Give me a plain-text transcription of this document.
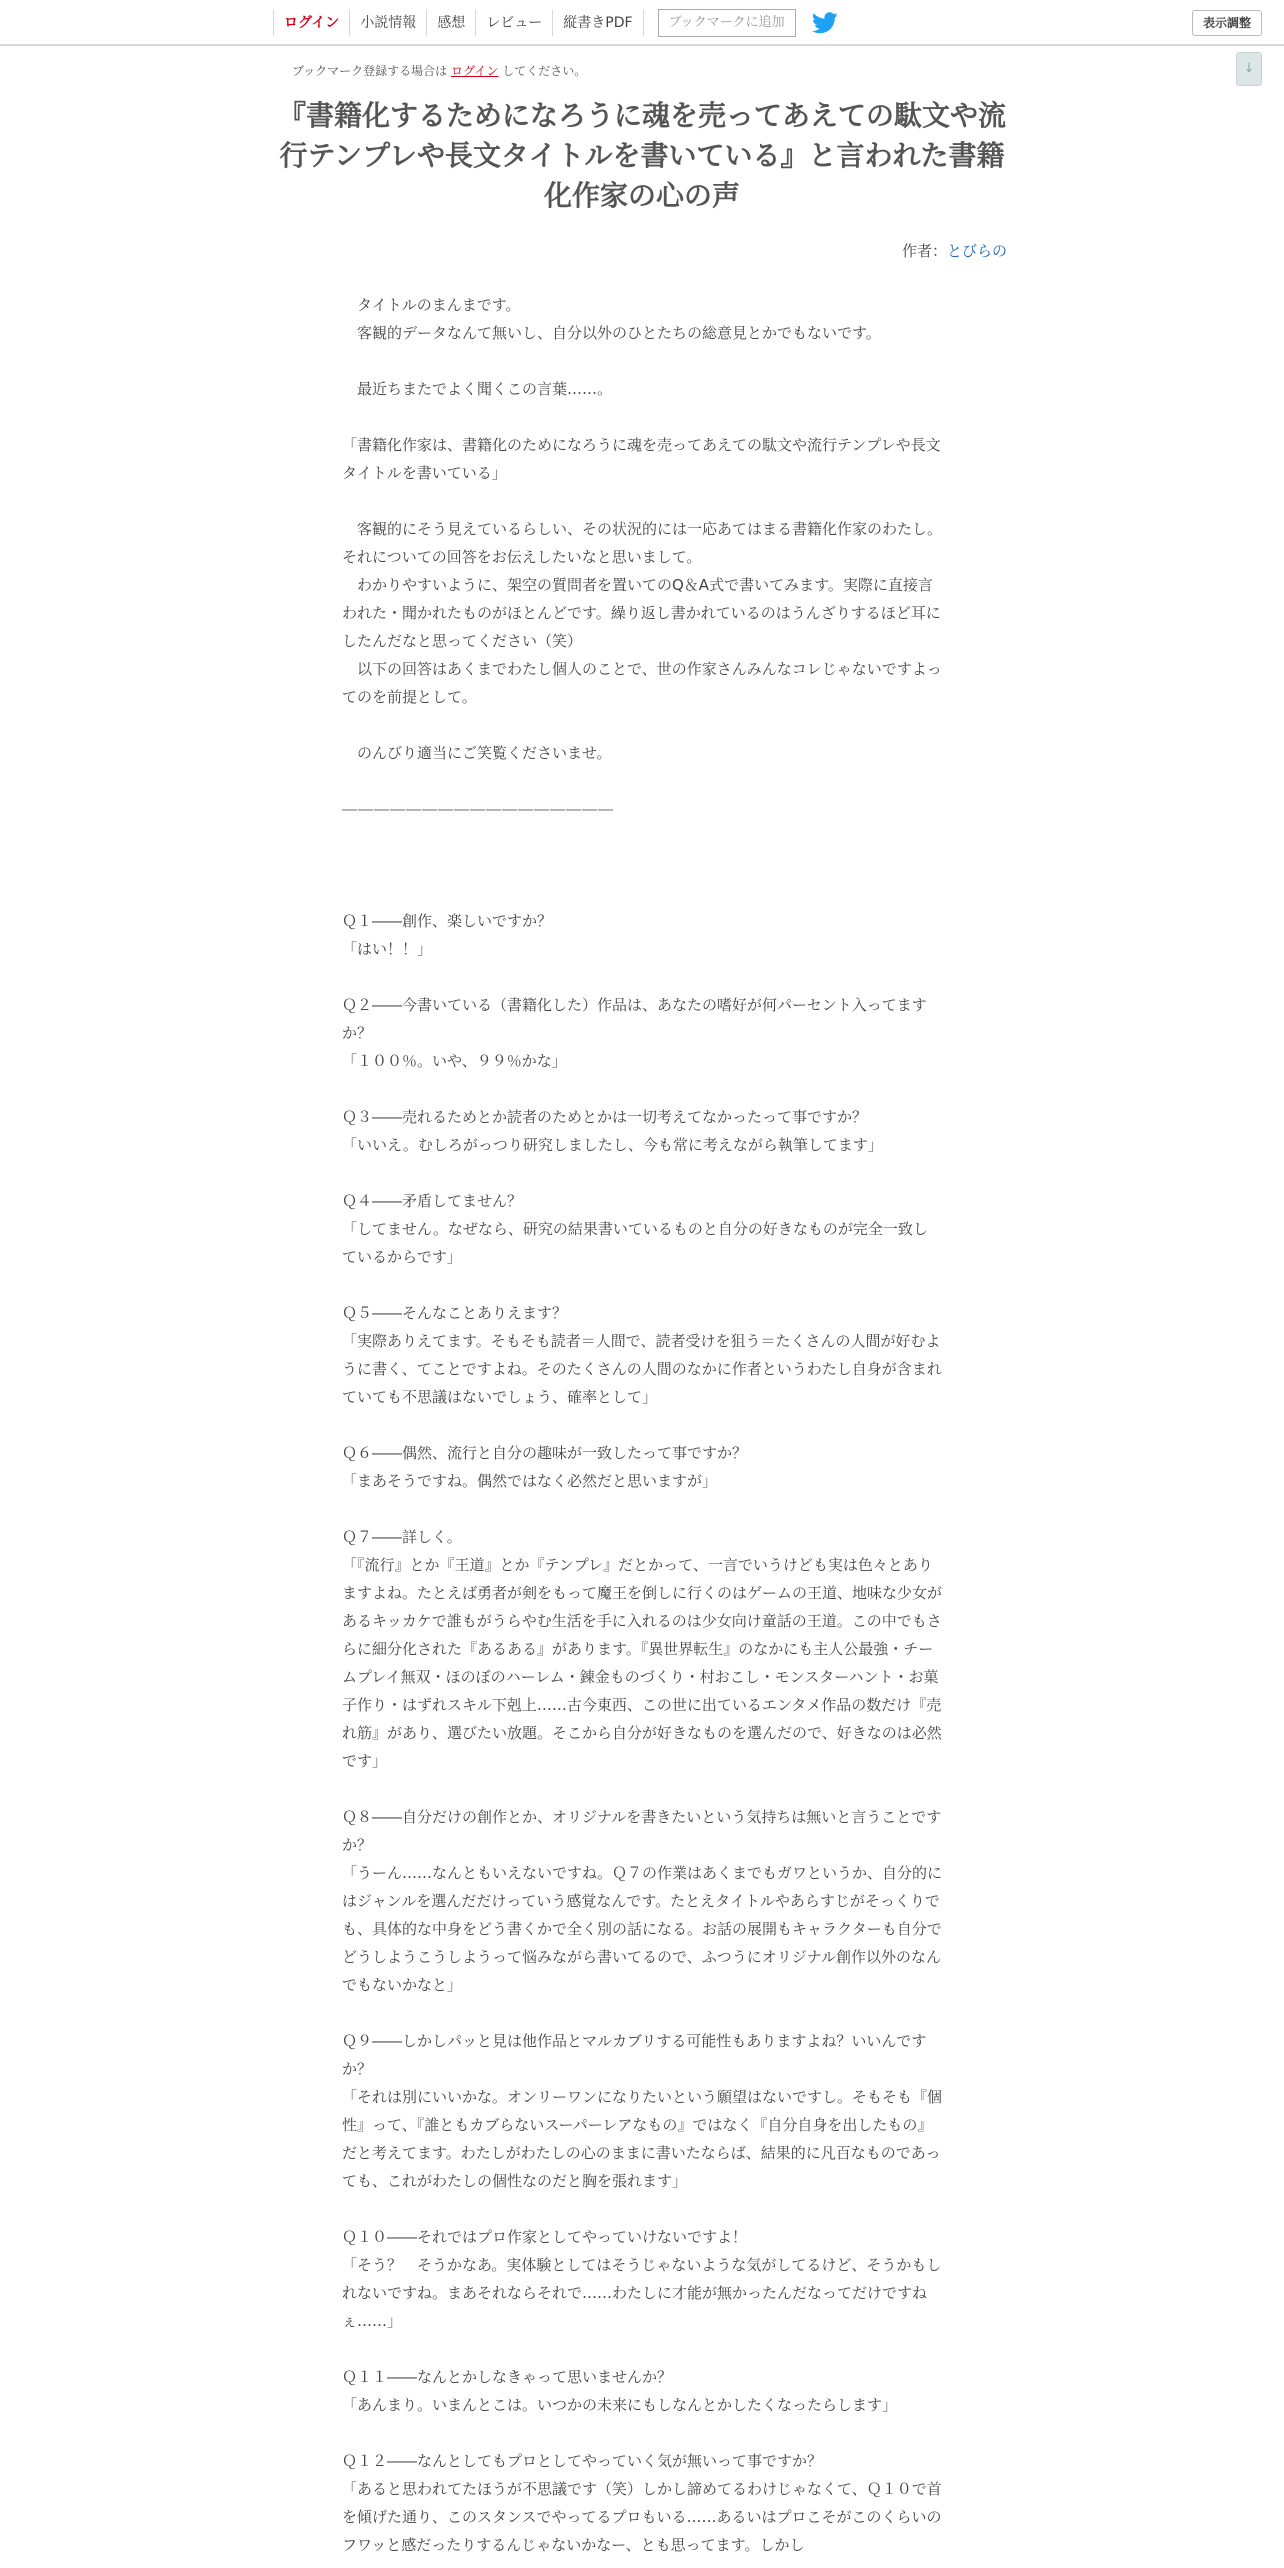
ログイン	小説情報	感想	レビュー	縦書きPDF	ブックマークに追加	表示調整
↓
ブックマーク登録する場合は ログイン してください。
『書籍化するためになろうに魂を売ってあえての駄文や流行テンプレや長文タイトルを書いている』と言われた書籍化作家の心の声
作者：とびらの

　タイトルのまんまです。

　客観的データなんて無いし、自分以外のひとたちの総意見とかでもないです。

　最近ちまたでよく聞くこの言葉……。

「書籍化作家は、書籍化のためになろうに魂を売ってあえての駄文や流行テンプレや長文タイトルを書いている」

　客観的にそう見えているらしい、その状況的には一応あてはまる書籍化作家のわたし。それについての回答をお伝えしたいなと思いまして。

　わかりやすいように、架空の質問者を置いてのQ＆A式で書いてみます。実際に直接言われた・聞かれたものがほとんどです。繰り返し書かれているのはうんざりするほど耳にしたんだなと思ってください（笑）

　以下の回答はあくまでわたし個人のことで、世の作家さんみんなコレじゃないですよってのを前提として。

　のんびり適当にご笑覧くださいませ。

―――――――――――――――――

Ｑ１――創作、楽しいですか？

「はい！！」

Ｑ２――今書いている（書籍化した）作品は、あなたの嗜好が何パーセント入ってますか？

「１００％。いや、９９％かな」

Ｑ３――売れるためとか読者のためとかは一切考えてなかったって事ですか？

「いいえ。むしろがっつり研究しましたし、今も常に考えながら執筆してます」

Ｑ４――矛盾してません？

「してません。なぜなら、研究の結果書いているものと自分の好きなものが完全一致しているからです」

Ｑ５――そんなことありえます？

「実際ありえてます。そもそも読者＝人間で、読者受けを狙う＝たくさんの人間が好むように書く、てことですよね。そのたくさんの人間のなかに作者というわたし自身が含まれていても不思議はないでしょう、確率として」

Ｑ６――偶然、流行と自分の趣味が一致したって事ですか？

「まあそうですね。偶然ではなく必然だと思いますが」

Ｑ７――詳しく。

「『流行』とか『王道』とか『テンプレ』だとかって、一言でいうけども実は色々とありますよね。たとえば勇者が剣をもって魔王を倒しに行くのはゲームの王道、地味な少女があるキッカケで誰もがうらやむ生活を手に入れるのは少女向け童話の王道。この中でもさらに細分化された『あるある』があります。『異世界転生』のなかにも主人公最強・チームプレイ無双・ほのぼのハーレム・錬金ものづくり・村おこし・モンスターハント・お菓子作り・はずれスキル下剋上……古今東西、この世に出ているエンタメ作品の数だけ『売れ筋』があり、選びたい放題。そこから自分が好きなものを選んだので、好きなのは必然です」

Ｑ８――自分だけの創作とか、オリジナルを書きたいという気持ちは無いと言うことですか？

「うーん……なんともいえないですね。Ｑ７の作業はあくまでもガワというか、自分的にはジャンルを選んだだけっていう感覚なんです。たとえタイトルやあらすじがそっくりでも、具体的な中身をどう書くかで全く別の話になる。お話の展開もキャラクターも自分でどうしようこうしようって悩みながら書いてるので、ふつうにオリジナル創作以外のなんでもないかなと」

Ｑ９――しかしパッと見は他作品とマルカブリする可能性もありますよね？いいんですか？

「それは別にいいかな。オンリーワンになりたいという願望はないですし。そもそも『個性』って、『誰ともカブらないスーパーレアなもの』ではなく『自分自身を出したもの』だと考えてます。わたしがわたしの心のままに書いたならば、結果的に凡百なものであっても、これがわたしの個性なのだと胸を張れます」

Ｑ１０――それではプロ作家としてやっていけないですよ！

「そう？　そうかなあ。実体験としてはそうじゃないような気がしてるけど、そうかもしれないですね。まあそれならそれで……わたしに才能が無かったんだなってだけですねぇ……」

Ｑ１１――なんとかしなきゃって思いませんか？

「あんまり。いまんとこは。いつかの未来にもしなんとかしたくなったらします」

Ｑ１２――なんとしてもプロとしてやっていく気が無いって事ですか？

「あると思われてたほうが不思議です（笑）しかし諦めてるわけじゃなくて、Ｑ１０で首を傾げた通り、このスタンスでやってるプロもいる……あるいはプロこそがこのくらいのフワッと感だったりするんじゃないかなー、とも思ってます。しかし
